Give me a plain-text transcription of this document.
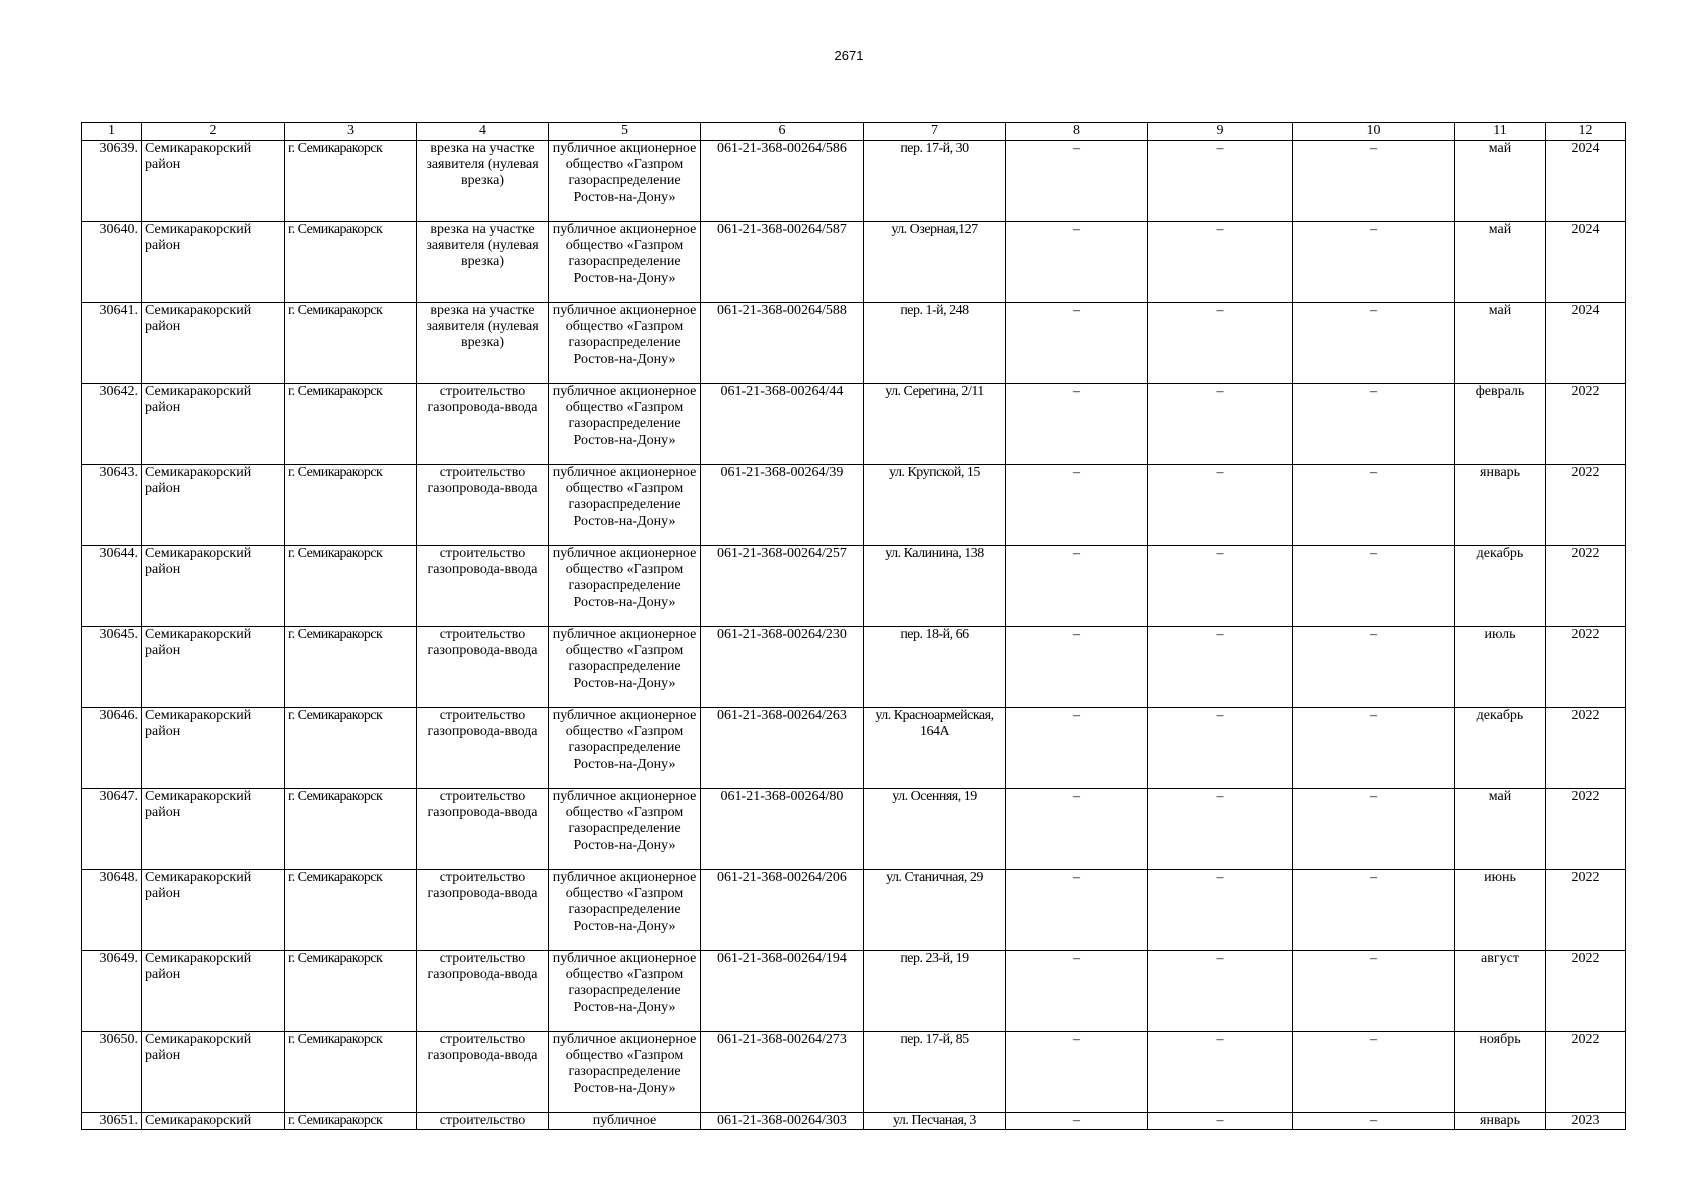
2671
1	2	3	4	5	6	7	8	9	10	11	12
30639.	Семикаракорский район	г. Семикаракорск	врезка на участке заявителя (нулевая врезка)	публичное акционерное общество «Газпром газораспределение Ростов-на-Дону»	061-21-368-00264/586	пер. 17-й, 30	–	–	–	май	2024
30640.	Семикаракорский район	г. Семикаракорск	врезка на участке заявителя (нулевая врезка)	публичное акционерное общество «Газпром газораспределение Ростов-на-Дону»	061-21-368-00264/587	ул. Озерная,127	–	–	–	май	2024
30641.	Семикаракорский район	г. Семикаракорск	врезка на участке заявителя (нулевая врезка)	публичное акционерное общество «Газпром газораспределение Ростов-на-Дону»	061-21-368-00264/588	пер. 1-й, 248	–	–	–	май	2024
30642.	Семикаракорский район	г. Семикаракорск	строительство газопровода-ввода	публичное акционерное общество «Газпром газораспределение Ростов-на-Дону»	061-21-368-00264/44	ул. Серегина, 2/11	–	–	–	февраль	2022
30643.	Семикаракорский район	г. Семикаракорск	строительство газопровода-ввода	публичное акционерное общество «Газпром газораспределение Ростов-на-Дону»	061-21-368-00264/39	ул. Крупской, 15	–	–	–	январь	2022
30644.	Семикаракорский район	г. Семикаракорск	строительство газопровода-ввода	публичное акционерное общество «Газпром газораспределение Ростов-на-Дону»	061-21-368-00264/257	ул. Калинина, 138	–	–	–	декабрь	2022
30645.	Семикаракорский район	г. Семикаракорск	строительство газопровода-ввода	публичное акционерное общество «Газпром газораспределение Ростов-на-Дону»	061-21-368-00264/230	пер. 18-й, 66	–	–	–	июль	2022
30646.	Семикаракорский район	г. Семикаракорск	строительство газопровода-ввода	публичное акционерное общество «Газпром газораспределение Ростов-на-Дону»	061-21-368-00264/263	ул. Красноармейская, 164А	–	–	–	декабрь	2022
30647.	Семикаракорский район	г. Семикаракорск	строительство газопровода-ввода	публичное акционерное общество «Газпром газораспределение Ростов-на-Дону»	061-21-368-00264/80	ул. Осенняя, 19	–	–	–	май	2022
30648.	Семикаракорский район	г. Семикаракорск	строительство газопровода-ввода	публичное акционерное общество «Газпром газораспределение Ростов-на-Дону»	061-21-368-00264/206	ул. Станичная, 29	–	–	–	июнь	2022
30649.	Семикаракорский район	г. Семикаракорск	строительство газопровода-ввода	публичное акционерное общество «Газпром газораспределение Ростов-на-Дону»	061-21-368-00264/194	пер. 23-й, 19	–	–	–	август	2022
30650.	Семикаракорский район	г. Семикаракорск	строительство газопровода-ввода	публичное акционерное общество «Газпром газораспределение Ростов-на-Дону»	061-21-368-00264/273	пер. 17-й, 85	–	–	–	ноябрь	2022
30651.	Семикаракорский	г. Семикаракорск	строительство	публичное	061-21-368-00264/303	ул. Песчаная, 3	–	–	–	январь	2023
